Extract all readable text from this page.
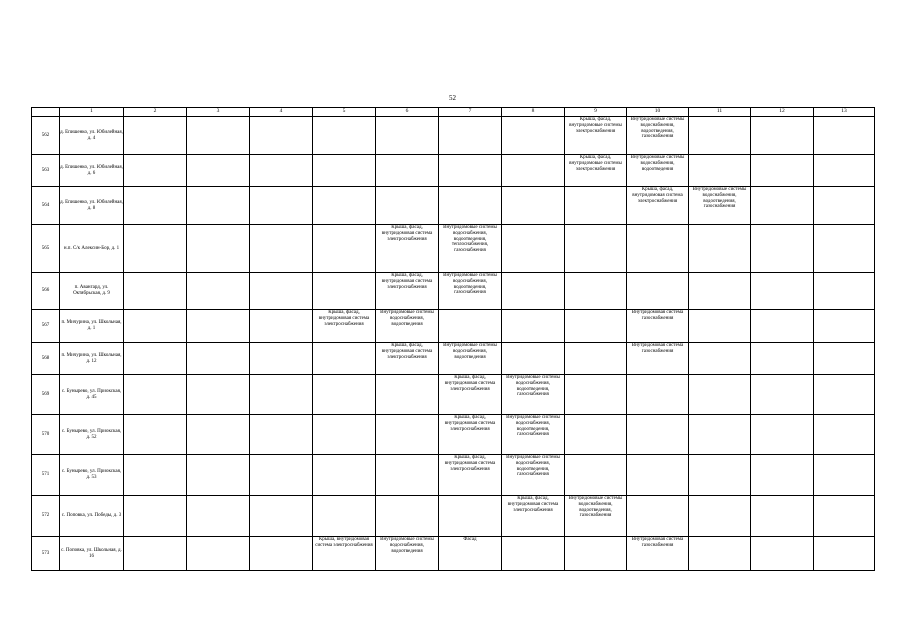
52
	1	2	3	4	5	6	7	8	9	10	11	12	13
562	д. Епишенко, ул. Юбилейная, д. 4								Крыша, фасад, внутридомовые системы электроснабжения	Внутридомовые системы водоснабжения, водоотведения, газоснабжения			
563	д. Епишенко, ул. Юбилейная, д. 6								Крыша, фасад, внутридомовые системы электроснабжения	Внутридомовые системы водоснабжения, водоотведения			
564	д. Епишенко, ул. Юбилейная, д. 8									Крыша, фасад, внутридомовая система электроснабжения	Внутридомовые системы водоснабжения, водоотведения, газоснабжения		
565	н.п. С/к Алексин-Бор, д. 1					Крыша, фасад, внутридомовая система электроснабжения	Внутридомовые системы водоснабжения, водоотведения, теплоснабжения, газоснабжения						
566	п. Авангард, ул. Октябрьская, д. 9					Крыша, фасад, внутридомовая система электроснабжения	Внутридомовые системы водоснабжения, водоотведения, газоснабжения						
567	п. Мичурина, ул. Школьная, д. 1				Крыша, фасад, внутридомовая система электроснабжения	Внутридомовые системы водоснабжения, водоотведения				Внутридомовая система газоснабжения			
568	п. Мичурина, ул. Школьная, д. 12					Крыша, фасад, внутридомовая система электроснабжения	Внутридомовые системы водоснабжения, водоотведения			Внутридомовая система газоснабжения			
569	с. Бунырево, ул. Приокская, д. 45						Крыша, фасад, внутридомовая система электроснабжения	Внутридомовые системы водоснабжения, водоотведения, газоснабжения					
570	с. Бунырево, ул. Приокская, д. 52						Крыша, фасад, внутридомовая система электроснабжения	Внутридомовые системы водоснабжения, водоотведения, газоснабжения					
571	с. Бунырево, ул. Приокская, д. 53						Крыша, фасад, внутридомовая система электроснабжения	Внутридомовые системы водоснабжения, водоотведения, газоснабжения					
572	с. Поповка, ул. Победы, д. 3							Крыша, фасад, внутридомовая система электроснабжения	Внутридомовые системы водоснабжения, водоотведения, газоснабжения				
573	с. Поповка, ул. Школьная, д. 16				Крыша, внутридомовая система электроснабжения	Внутридомовые системы водоснабжения, водоотведения	Фасад			Внутридомовая система газоснабжения			
